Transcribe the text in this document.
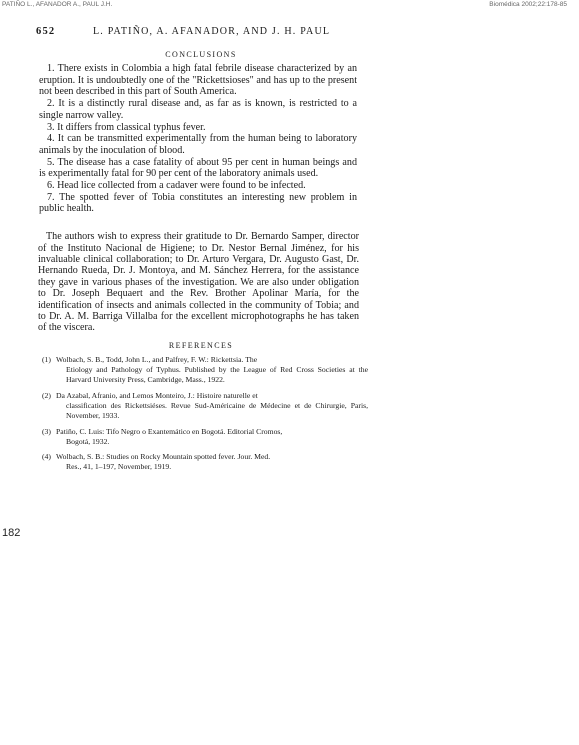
PATIÑO L., AFANADOR A., PAUL J.H.	Biomédica 2002;22:178-85
182
652	L. PATIÑO, A. AFANADOR, AND J. H. PAUL
CONCLUSIONS

1. There exists in Colombia a high fatal febrile disease characterized by an eruption. It is undoubtedly one of the "Rickettsioses" and has up to the present not been described in this part of South America.

2. It is a distinctly rural disease and, as far as is known, is restricted to a single narrow valley.

3. It differs from classical typhus fever.

4. It can be transmitted experimentally from the human being to laboratory animals by the inoculation of blood.

5. The disease has a case fatality of about 95 per cent in human beings and is experimentally fatal for 90 per cent of the laboratory animals used.

6. Head lice collected from a cadaver were found to be infected.

7. The spotted fever of Tobia constitutes an interesting new problem in public health.

The authors wish to express their gratitude to Dr. Bernardo Samper, director of the Instituto Nacional de Higiene; to Dr. Nestor Bernal Jiménez, for his invaluable clinical collaboration; to Dr. Arturo Vergara, Dr. Augusto Gast, Dr. Hernando Rueda, Dr. J. Montoya, and M. Sánchez Herrera, for the assistance they gave in various phases of the investigation. We are also under obligation to Dr. Joseph Bequaert and the Rev. Brother Apolinar María, for the identification of insects and animals collected in the community of Tobia; and to Dr. A. M. Barriga Villalba for the excellent microphotographs he has taken of the viscera.

REFERENCES
(1) Wolbach, S. B., Todd, John L., and Palfrey, F. W.: Rickettsia. The
Etiology and Pathology of Typhus. Published by the League of Red Cross Societies at the Harvard University Press, Cambridge, Mass., 1922.
(2) Da Azabal, Afranio, and Lemos Monteiro, J.: Histoire naturelle et
classification des Rickettsiéses. Revue Sud-Américaine de Médecine et de Chirurgie, Paris, November, 1933.
(3) Patiño, C. Luis: Tifo Negro o Exantemático en Bogotá. Editorial Cromos,
Bogotá, 1932.
(4) Wolbach, S. B.: Studies on Rocky Mountain spotted fever. Jour. Med.
Res., 41, 1–197, November, 1919.
